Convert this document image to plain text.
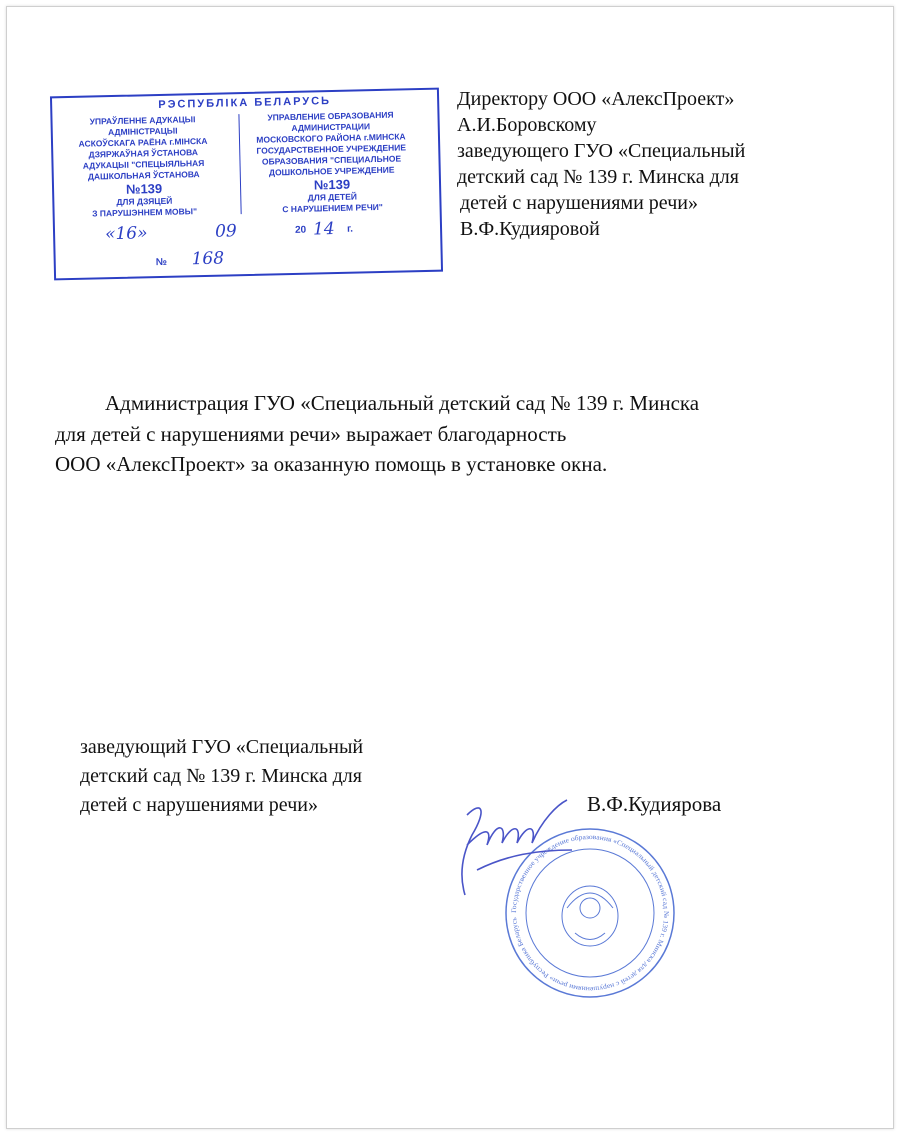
РЭСПУБЛІКА БЕЛАРУСЬ
УПРАЎЛЕННЕ АДУКАЦЫІ
АДМІНІСТРАЦЫІ
АСКОЎСКАГА РАЁНА г.МІНСКА
ДЗЯРЖАЎНАЯ ЎСТАНОВА
АДУКАЦЫІ "СПЕЦЫЯЛЬНАЯ
ДАШКОЛЬНАЯ ЎСТАНОВА
№139
ДЛЯ ДЗЯЦЕЙ
З ПАРУШЭННЕМ МОВЫ"
УПРАВЛЕНИЕ ОБРАЗОВАНИЯ
АДМИНИСТРАЦИИ
МОСКОВСКОГО РАЙОНА г.МИНСКА
ГОСУДАРСТВЕННОЕ УЧРЕЖДЕНИЕ
ОБРАЗОВАНИЯ "СПЕЦИАЛЬНОЕ
ДОШКОЛЬНОЕ УЧРЕЖДЕНИЕ
№139
ДЛЯ ДЕТЕЙ
С НАРУШЕНИЕМ РЕЧИ"
«16»	09	20 14 г.
№ 168
Директору ООО «АлексПроект»
А.И.Боровскому
заведующего ГУО «Специальный
детский сад № 139 г. Минска для
детей с нарушениями речи»
В.Ф.Кудияровой
Администрация ГУО «Специальный детский сад № 139 г. Минска
для детей с нарушениями речи» выражает благодарность
ООО «АлексПроект» за оказанную помощь в установке окна.
заведующий ГУО «Специальный
детский сад № 139 г. Минска для
детей с нарушениями речи»
Государственное учреждение образования «Специальный детский сад № 139 г. Минска для детей с нарушениями речи» Республика Беларусь
В.Ф.Кудиярова
